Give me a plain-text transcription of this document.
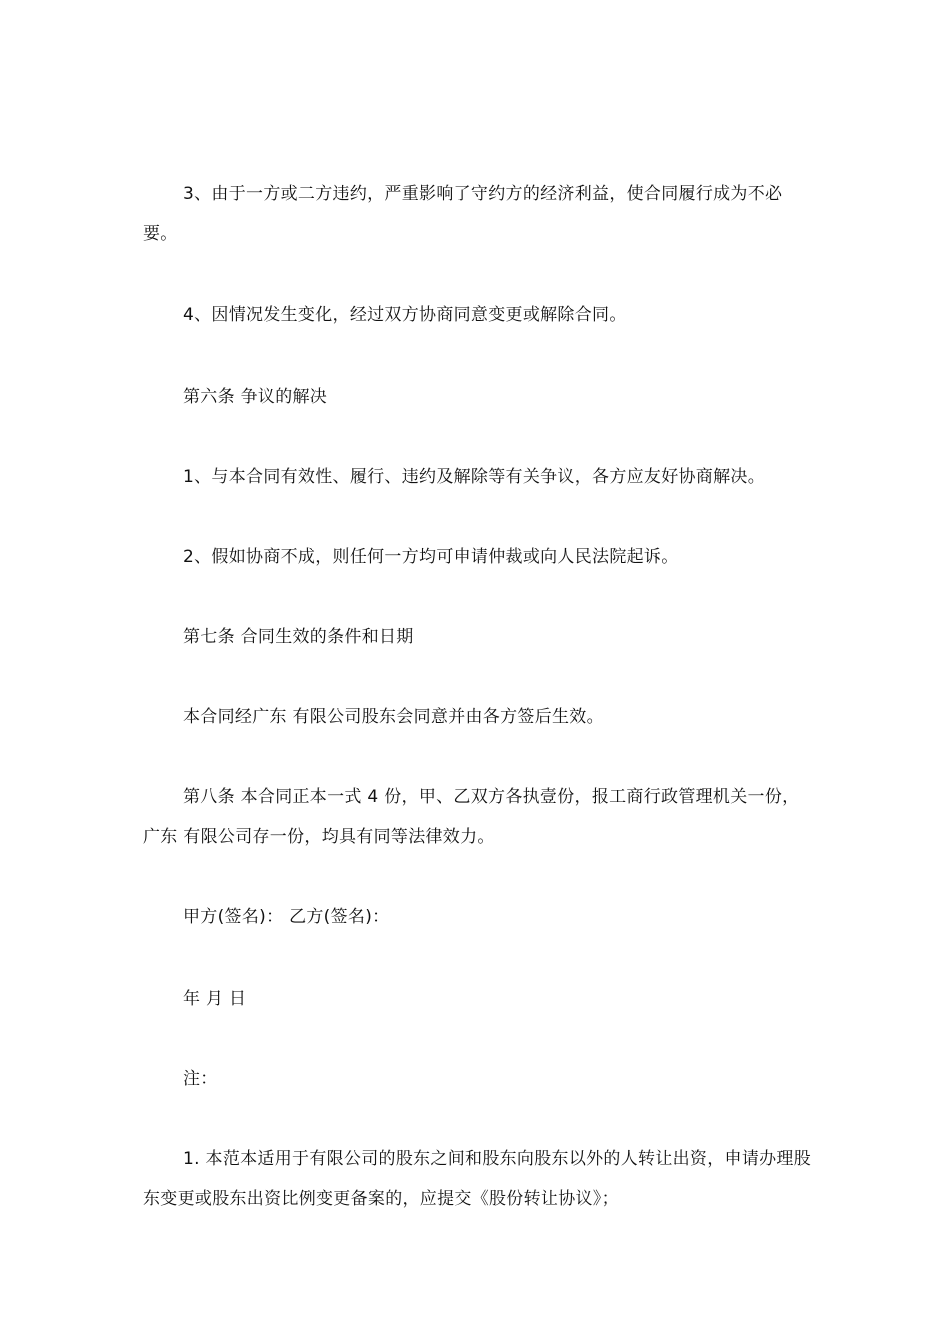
3、由于一方或二方违约，严重影响了守约方的经济利益，使合同履行成为不必要。

4、因情况发生变化，经过双方协商同意变更或解除合同。

第六条 争议的解决

1、与本合同有效性、履行、违约及解除等有关争议，各方应友好协商解决。

2、假如协商不成，则任何一方均可申请仲裁或向人民法院起诉。

第七条 合同生效的条件和日期

本合同经广东 有限公司股东会同意并由各方签后生效。

第八条 本合同正本一式 4 份，甲、乙双方各执壹份，报工商行政管理机关一份，广东 有限公司存一份，均具有同等法律效力。

甲方(签名)： 乙方(签名)：

年 月 日

注：

1. 本范本适用于有限公司的股东之间和股东向股东以外的人转让出资，申请办理股东变更或股东出资比例变更备案的，应提交《股份转让协议》；
